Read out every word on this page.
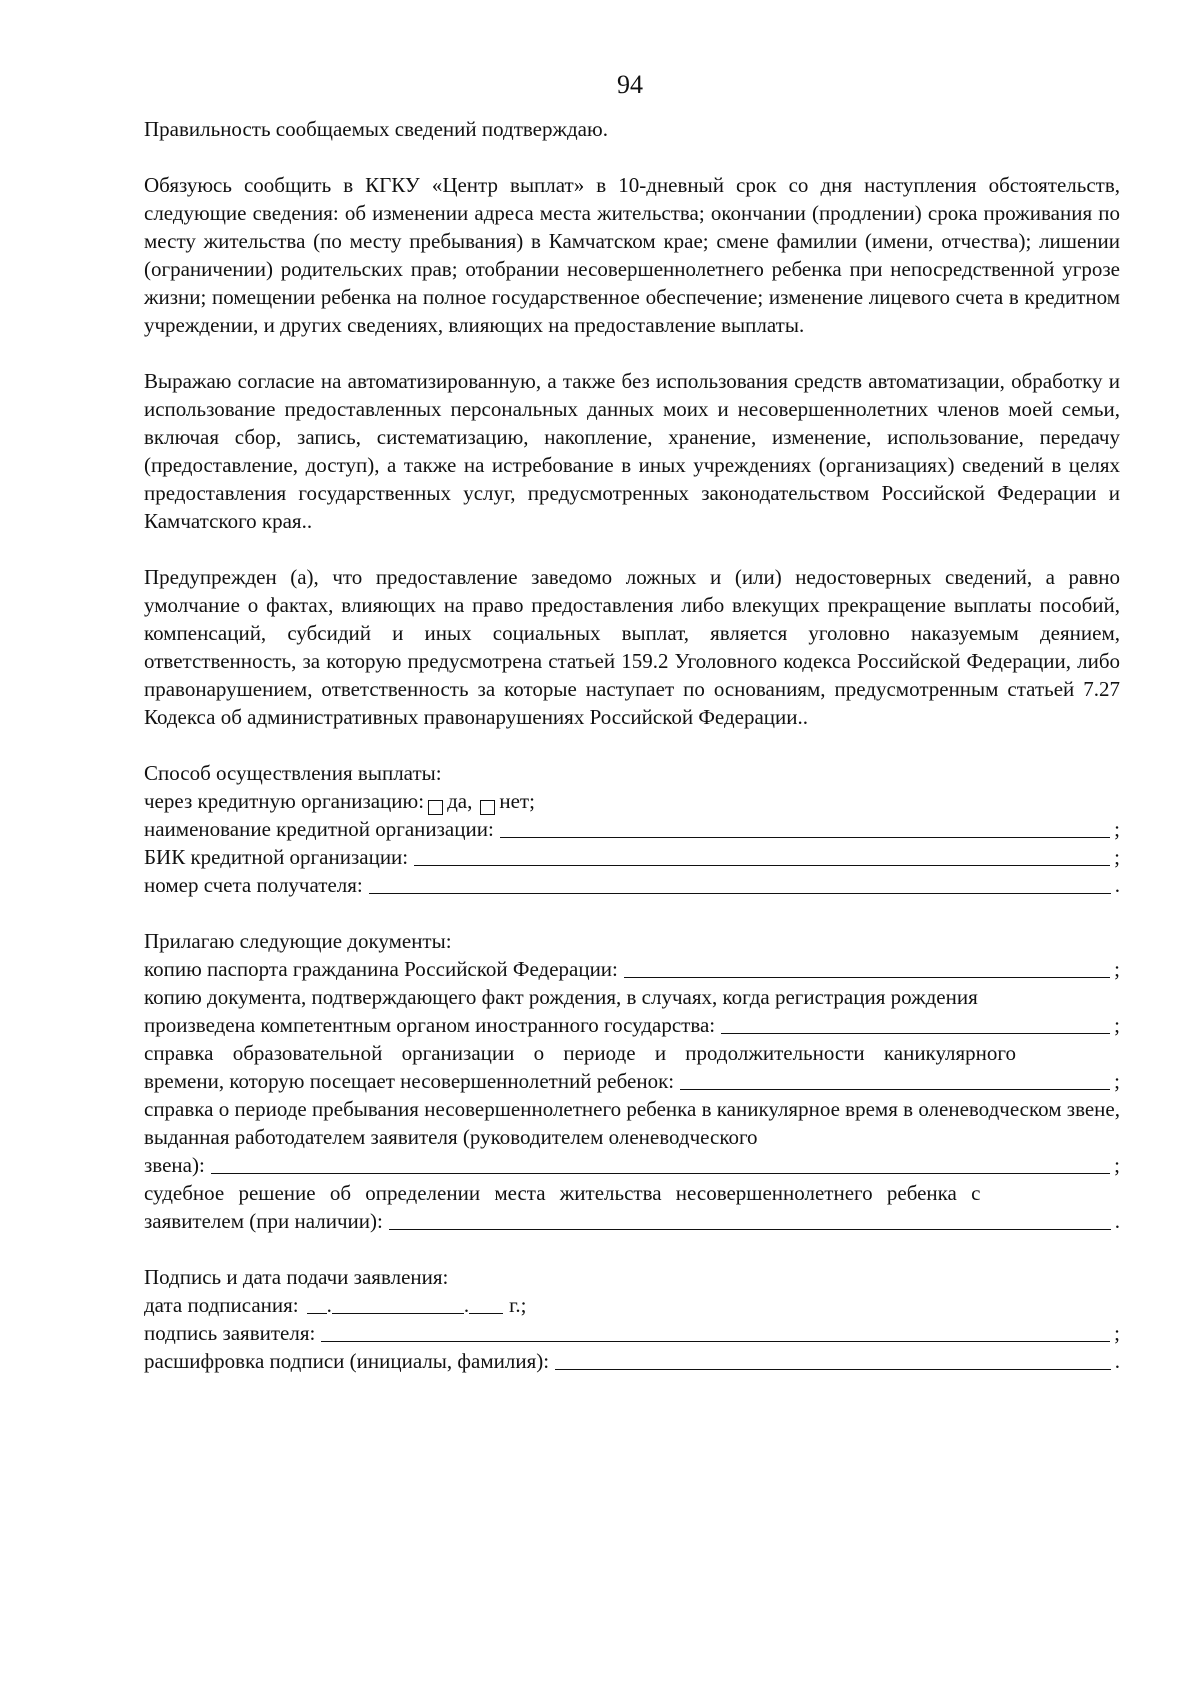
94

Правильность сообщаемых сведений подтверждаю.

Обязуюсь сообщить в КГКУ «Центр выплат» в 10-дневный срок со дня наступления обстоятельств, следующие сведения: об изменении адреса места жительства; окончании (продлении) срока проживания по месту жительства (по месту пребывания) в Камчатском крае; смене фамилии (имени, отчества); лишении (ограничении) родительских прав; отобрании несовершеннолетнего ребенка при непосредственной угрозе жизни; помещении ребенка на полное государственное обеспечение; изменение лицевого счета в кредитном учреждении, и других сведениях, влияющих на предоставление выплаты.

Выражаю согласие на автоматизированную, а также без использования средств автоматизации, обработку и использование предоставленных персональных данных моих и несовершеннолетних членов моей семьи, включая сбор, запись, систематизацию, накопление, хранение, изменение, использование, передачу (предоставление, доступ), а также на истребование в иных учреждениях (организациях) сведений в целях предоставления государственных услуг, предусмотренных законодательством Российской Федерации и Камчатского края..

Предупрежден (а), что предоставление заведомо ложных и (или) недостоверных сведений, а равно умолчание о фактах, влияющих на право предоставления либо влекущих прекращение выплаты пособий, компенсаций, субсидий и иных социальных выплат, является уголовно наказуемым деянием, ответственность, за которую предусмотрена статьей 159.2 Уголовного кодекса Российской Федерации, либо правонарушением, ответственность за которые наступает по основаниям, предусмотренным статьей 7.27 Кодекса об административных правонарушениях Российской Федерации..

Способ осуществления выплаты:

через кредитную организацию: да, нет;
наименование кредитной организации:	;
БИК кредитной организации:	;
номер счета получателя:	.

Прилагаю следующие документы:

копию паспорта гражданина Российской Федерации:	;
копию документа, подтверждающего факт рождения, в случаях, когда регистрация рождения
произведена компетентным органом иностранного государства:	;
справка образовательной организации о периоде и продолжительности каникулярного
времени, которую посещает несовершеннолетний ребенок:	;

справка о периоде пребывания несовершеннолетнего ребенка в каникулярное время в оленеводческом звене, выданная работодателем заявителя (руководителем оленеводческого

звена):	;
судебное решение об определении места жительства несовершеннолетнего ребенка с
заявителем (при наличии):	.

Подпись и дата подачи заявления:

дата подписания: .	. г.;
подпись заявителя:	;
расшифровка подписи (инициалы, фамилия):	.
